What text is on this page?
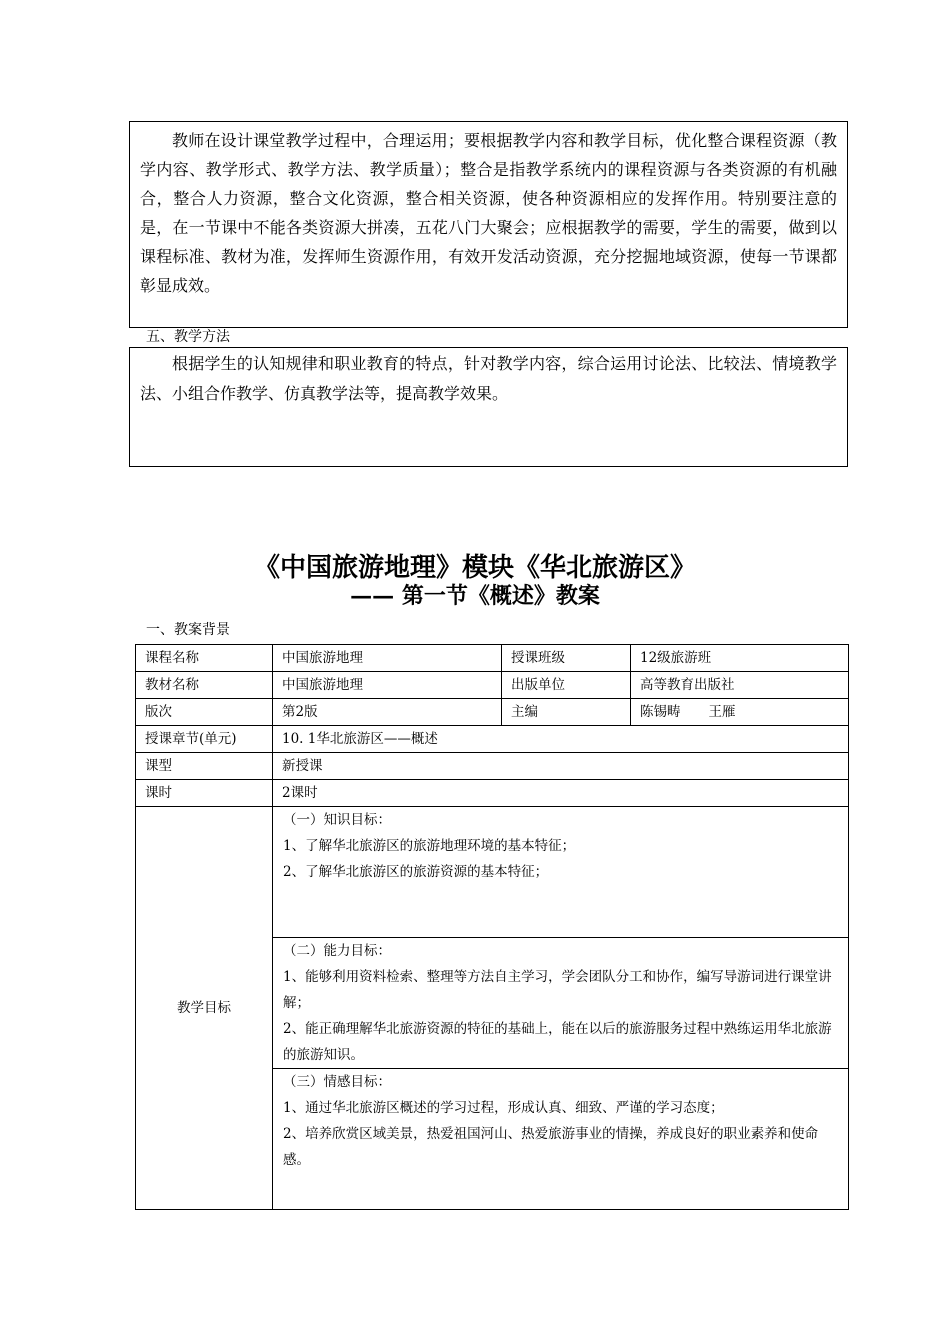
教师在设计课堂教学过程中，合理运用；要根据教学内容和教学目标，优化整合课程资源（教学内容、教学形式、教学方法、教学质量）；整合是指教学系统内的课程资源与各类资源的有机融合，整合人力资源，整合文化资源，整合相关资源，使各种资源相应的发挥作用。特别要注意的是，在一节课中不能各类资源大拼凑，五花八门大聚会；应根据教学的需要，学生的需要，做到以课程标准、教材为准，发挥师生资源作用，有效开发活动资源，充分挖掘地域资源，使每一节课都彰显成效。
五、教学方法
根据学生的认知规律和职业教育的特点，针对教学内容，综合运用讨论法、比较法、情境教学法、小组合作教学、仿真教学法等，提高教学效果。
《中国旅游地理》模块《华北旅游区》
—— 第一节《概述》教案
一、教案背景
课程名称	中国旅游地理	授课班级	12级旅游班
教材名称	中国旅游地理	出版单位	高等教育出版社
版次	第2版	主编	陈锡畴 王雁
授课章节(单元)	10. 1华北旅游区——概述		
课型	新授课		
课时	2课时		
教学目标	（一）知识目标：
1、了解华北旅游区的旅游地理环境的基本特征；
2、了解华北旅游区的旅游资源的基本特征；		

	（二）能力目标：
1、能够利用资料检索、整理等方法自主学习，学会团队分工和协作，编写导游词进行课堂讲解；
2、能正确理解华北旅游资源的特征的基础上，能在以后的旅游服务过程中熟练运用华北旅游的旅游知识。		

	（三）情感目标：
1、通过华北旅游区概述的学习过程，形成认真、细致、严谨的学习态度；
2、培养欣赏区域美景，热爱祖国河山、热爱旅游事业的情操，养成良好的职业素养和使命感。		
